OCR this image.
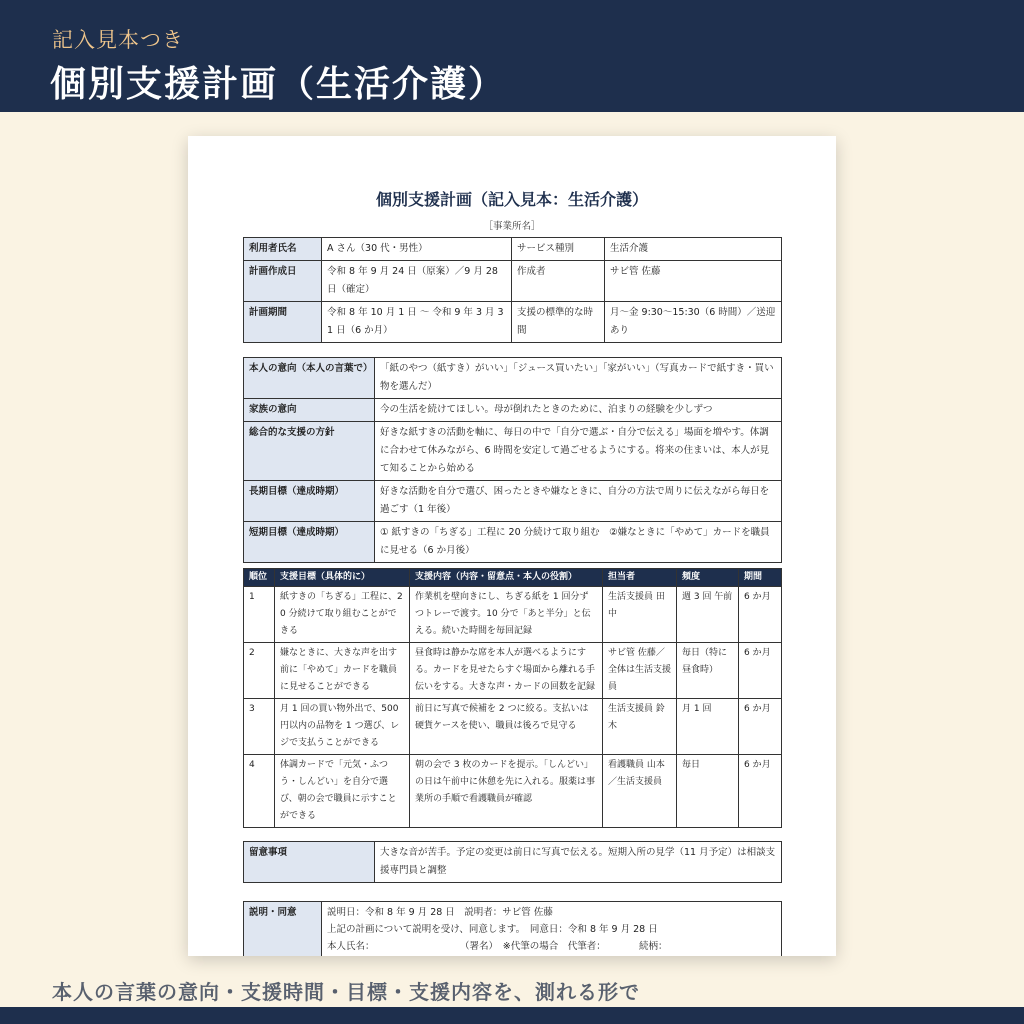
記入見本つき
個別支援計画（生活介護）
個別支援計画（記入見本：生活介護）
［事業所名］
利用者氏名	A さん（30 代・男性）	サービス種別	生活介護
計画作成日	令和 8 年 9 月 24 日（原案）／9 月 28 日（確定）	作成者	サビ管 佐藤
計画期間	令和 8 年 10 月 1 日 〜 令和 9 年 3 月 31 日（6 か月）	支援の標準的な時間	月〜金 9:30〜15:30（6 時間）／送迎あり
本人の意向（本人の言葉で）	「紙のやつ（紙すき）がいい」「ジュース買いたい」「家がいい」（写真カードで紙すき・買い物を選んだ）
家族の意向	今の生活を続けてほしい。母が倒れたときのために、泊まりの経験を少しずつ
総合的な支援の方針	好きな紙すきの活動を軸に、毎日の中で「自分で選ぶ・自分で伝える」場面を増やす。体調に合わせて休みながら、6 時間を安定して過ごせるようにする。将来の住まいは、本人が見て知ることから始める
長期目標（達成時期）	好きな活動を自分で選び、困ったときや嫌なときに、自分の方法で周りに伝えながら毎日を過ごす（1 年後）
短期目標（達成時期）	① 紙すきの「ちぎる」工程に 20 分続けて取り組む　②嫌なときに「やめて」カードを職員に見せる（6 か月後）
順位	支援目標（具体的に）	支援内容（内容・留意点・本人の役割）	担当者	頻度	期間
1	紙すきの「ちぎる」工程に、20 分続けて取り組むことができる	作業机を壁向きにし、ちぎる紙を 1 回分ずつトレーで渡す。10 分で「あと半分」と伝える。続いた時間を毎回記録	生活支援員 田中	週 3 回 午前	6 か月
2	嫌なときに、大きな声を出す前に「やめて」カードを職員に見せることができる	昼食時は静かな席を本人が選べるようにする。カードを見せたらすぐ場面から離れる手伝いをする。大きな声・カードの回数を記録	サビ管 佐藤／全体は生活支援員	毎日（特に昼食時）	6 か月
3	月 1 回の買い物外出で、500 円以内の品物を 1 つ選び、レジで支払うことができる	前日に写真で候補を 2 つに絞る。支払いは硬貨ケースを使い、職員は後ろで見守る	生活支援員 鈴木	月 1 回	6 か月
4	体調カードで「元気・ふつう・しんどい」を自分で選び、朝の会で職員に示すことができる	朝の会で 3 枚のカードを提示。「しんどい」の日は午前中に休憩を先に入れる。服薬は事業所の手順で看護職員が確認	看護職員 山本／生活支援員	毎日	6 か月
留意事項	大きな音が苦手。予定の変更は前日に写真で伝える。短期入所の見学（11 月予定）は相談支援専門員と調整
説明・同意	説明日：令和 8 年 9 月 28 日　説明者：サビ管 佐藤
上記の計画について説明を受け、同意します。　同意日：令和 8 年 9 月 28 日
本人氏名：　　　　　　　　　　（署名）　※代筆の場合　代筆者：　　　　続柄：
本人の言葉の意向・支援時間・目標・支援内容を、測れる形で
